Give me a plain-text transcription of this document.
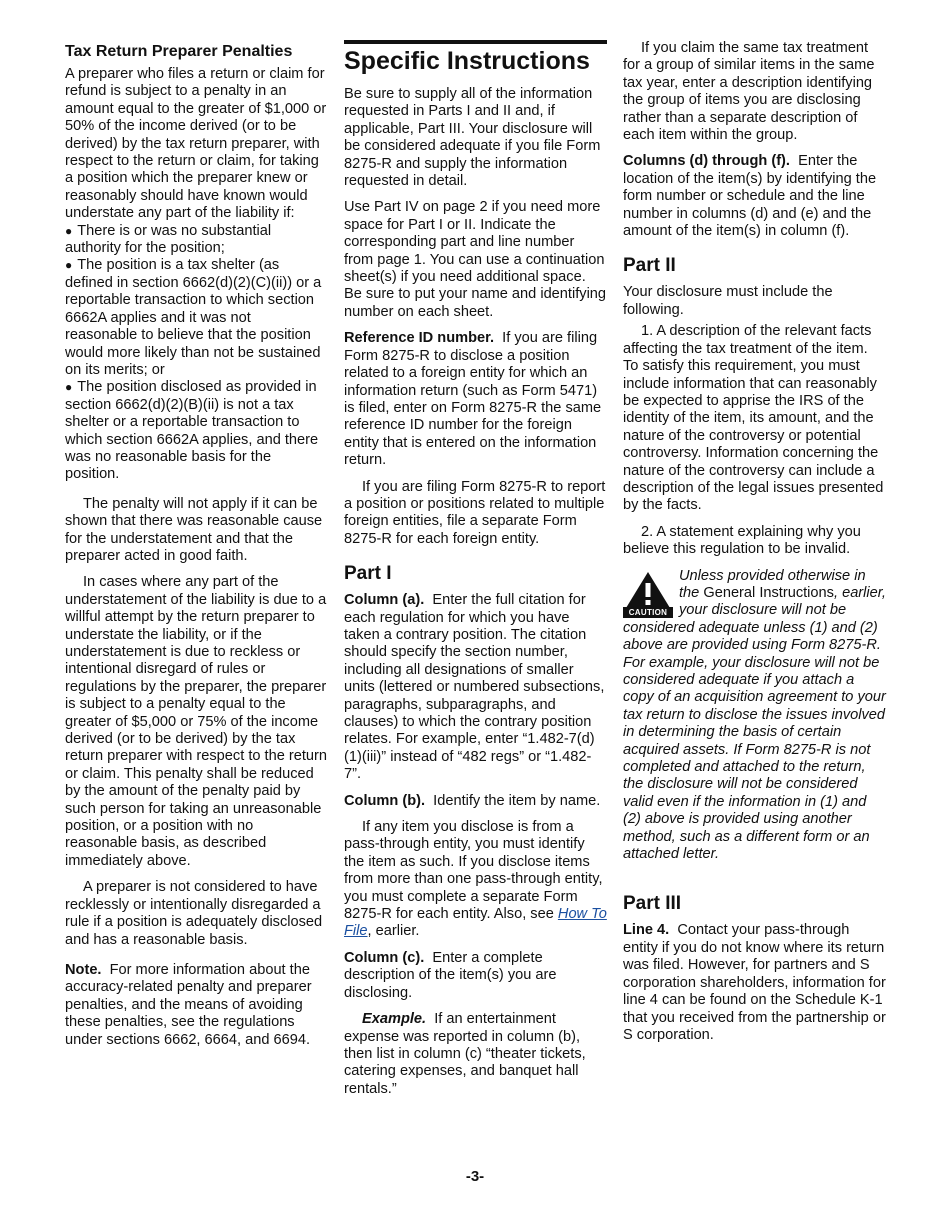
Tax Return Preparer Penalties

A preparer who files a return or claim for refund is subject to a penalty in an amount equal to the greater of $1,000 or 50% of the income derived (or to be derived) by the tax return preparer, with respect to the return or claim, for taking a position which the preparer knew or reasonably should have known would understate any part of the liability if:

● There is or was no substantial authority for the position;
● The position is a tax shelter (as defined in section 6662(d)(2)(C)(ii)) or a reportable transaction to which section 6662A applies and it was not reasonable to believe that the position would more likely than not be sustained on its merits; or
● The position disclosed as provided in section 6662(d)(2)(B)(ii) is not a tax shelter or a reportable transaction to which section 6662A applies, and there was no reasonable basis for the position.

The penalty will not apply if it can be shown that there was reasonable cause for the understatement and that the preparer acted in good faith.

In cases where any part of the understatement of the liability is due to a willful attempt by the return preparer to understate the liability, or if the understatement is due to reckless or intentional disregard of rules or regulations by the preparer, the preparer is subject to a penalty equal to the greater of $5,000 or 75% of the income derived (or to be derived) by the tax return preparer with respect to the return or claim. This penalty shall be reduced by the amount of the penalty paid by such person for taking an unreasonable position, or a position with no reasonable basis, as described immediately above.

A preparer is not considered to have recklessly or intentionally disregarded a rule if a position is adequately disclosed and has a reasonable basis.

Note. For more information about the accuracy-related penalty and preparer penalties, and the means of avoiding these penalties, see the regulations under sections 6662, 6664, and 6694.

Specific Instructions

Be sure to supply all of the information requested in Parts I and II and, if applicable, Part III. Your disclosure will be considered adequate if you file Form 8275-R and supply the information requested in detail.

Use Part IV on page 2 if you need more space for Part I or II. Indicate the corresponding part and line number from page 1. You can use a continuation sheet(s) if you need additional space. Be sure to put your name and identifying number on each sheet.

Reference ID number. If you are filing Form 8275-R to disclose a position related to a foreign entity for which an information return (such as Form 5471) is filed, enter on Form 8275-R the same reference ID number for the foreign entity that is entered on the information return.

If you are filing Form 8275-R to report a position or positions related to multiple foreign entities, file a separate Form 8275-R for each foreign entity.

Part I

Column (a). Enter the full citation for each regulation for which you have taken a contrary position. The citation should specify the section number, including all designations of smaller units (lettered or numbered subsections, paragraphs, subparagraphs, and clauses) to which the contrary position relates. For example, enter “1.482-7(d)(1)(iii)” instead of “482 regs” or “1.482-7”.

Column (b). Identify the item by name.

If any item you disclose is from a pass-through entity, you must identify the item as such. If you disclose items from more than one pass-through entity, you must complete a separate Form 8275-R for each entity. Also, see How To File, earlier.

Column (c). Enter a complete description of the item(s) you are disclosing.

Example. If an entertainment expense was reported in column (b), then list in column (c) “theater tickets, catering expenses, and banquet hall rentals.”

If you claim the same tax treatment for a group of similar items in the same tax year, enter a description identifying the group of items you are disclosing rather than a separate description of each item within the group.

Columns (d) through (f). Enter the location of the item(s) by identifying the form number or schedule and the line number in columns (d) and (e) and the amount of the item(s) in column (f).

Part II

Your disclosure must include the following.

1. A description of the relevant facts affecting the tax treatment of the item. To satisfy this requirement, you must include information that can reasonably be expected to apprise the IRS of the identity of the item, its amount, and the nature of the controversy or potential controversy. Information concerning the nature of the controversy can include a description of the legal issues presented by the facts.

2. A statement explaining why you believe this regulation to be invalid.

CAUTION
Unless provided otherwise in the General Instructions, earlier, your disclosure will not be considered adequate unless (1) and (2) above are provided using Form 8275-R. For example, your disclosure will not be considered adequate if you attach a copy of an acquisition agreement to your tax return to disclose the issues involved in determining the basis of certain acquired assets. If Form 8275-R is not completed and attached to the return, the disclosure will not be considered valid even if the information in (1) and (2) above is provided using another method, such as a different form or an attached letter.
Part III

Line 4. Contact your pass-through entity if you do not know where its return was filed. However, for partners and S corporation shareholders, information for line 4 can be found on the Schedule K-1 that you received from the partnership or S corporation.

-3-
